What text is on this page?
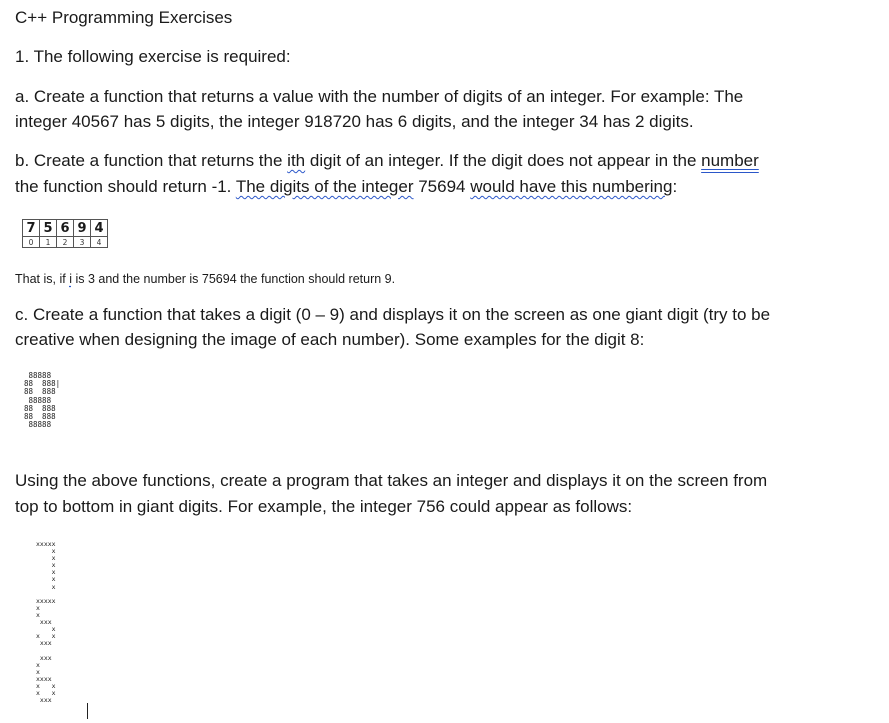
C++ Programming Exercises
1. The following exercise is required:
a. Create a function that returns a value with the number of digits of an integer. For example: The
integer 40567 has 5 digits, the integer 918720 has 6 digits, and the integer 34 has 2 digits.
b. Create a function that returns the ith digit of an integer. If the digit does not appear in the number
the function should return -1. The digits of the integer 75694 would have this numbering:
7	5	6	9	4
0	1	2	3	4
That is, if i is 3 and the number is 75694 the function should return 9.
c. Create a function that takes a digit (0 – 9) and displays it on the screen as one giant digit (try to be
creative when designing the image of each number). Some examples for the digit 8:
88888
88  888|
88  888
88888
88  888
88  888
88888
Using the above functions, create a program that takes an integer and displays it on the screen from
top to bottom in giant digits. For example, the integer 756 could appear as follows:
xxxxx
x
x
x
x
x
x

xxxxx
x
x
xxx
x
x   x
xxx

xxx
x
x
xxxx
x   x
x   x
xxx
